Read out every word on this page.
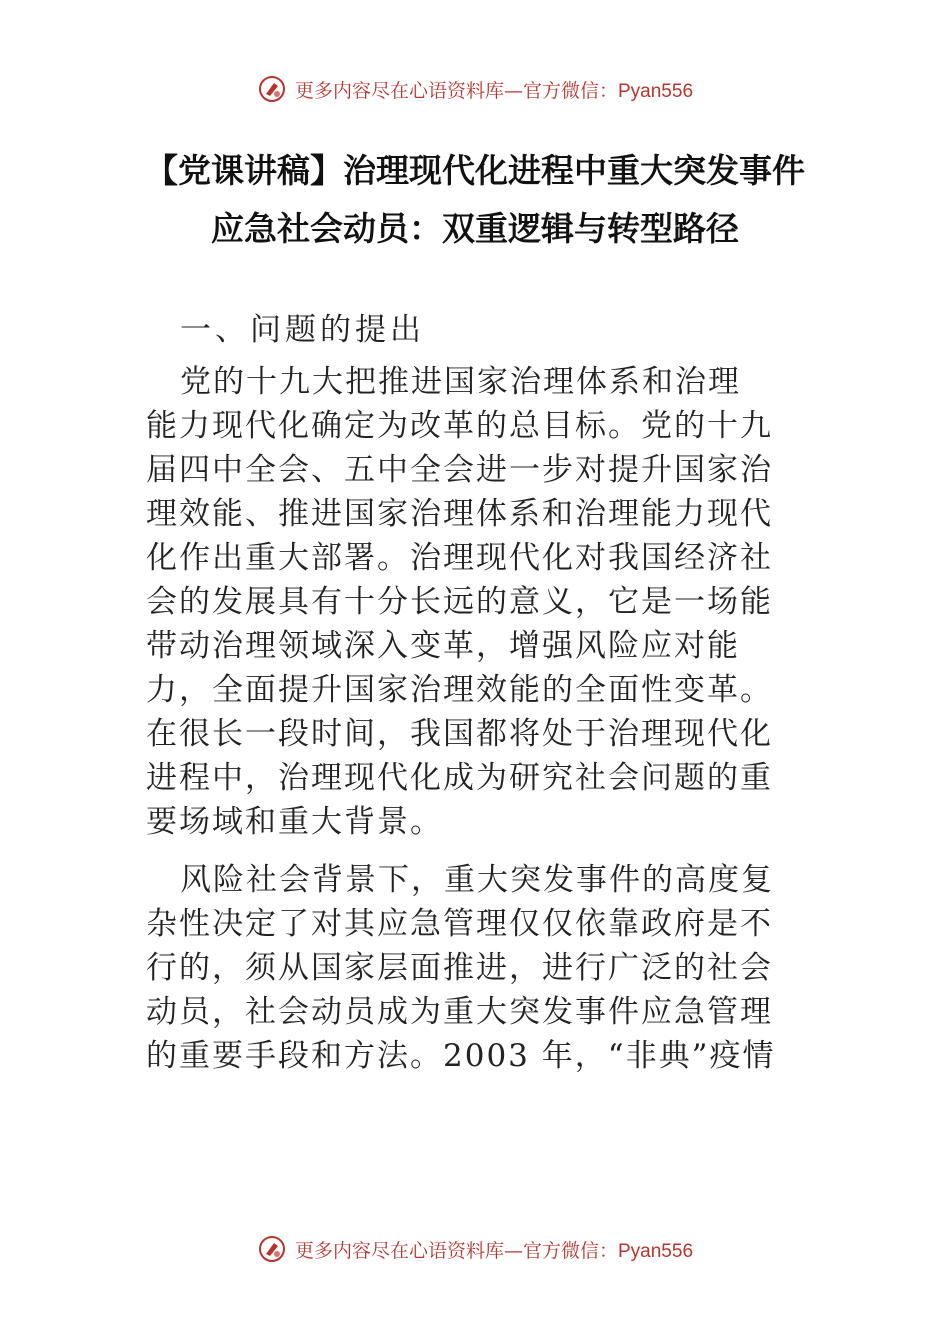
更多内容尽在心语资料库—官方微信：Pyan556
【党课讲稿】治理现代化进程中重大突发事件
应急社会动员：双重逻辑与转型路径
一、问题的提出
党的十九大把推进国家治理体系和治理
能力现代化确定为改革的总目标。党的十九
届四中全会、五中全会进一步对提升国家治
理效能、推进国家治理体系和治理能力现代
化作出重大部署。治理现代化对我国经济社
会的发展具有十分长远的意义，它是一场能
带动治理领域深入变革，增强风险应对能
力，全面提升国家治理效能的全面性变革。
在很长一段时间，我国都将处于治理现代化
进程中，治理现代化成为研究社会问题的重
要场域和重大背景。
风险社会背景下，重大突发事件的高度复
杂性决定了对其应急管理仅仅依靠政府是不
行的，须从国家层面推进，进行广泛的社会
动员，社会动员成为重大突发事件应急管理
的重要手段和方法。2003 年，“非典”疫情
更多内容尽在心语资料库—官方微信：Pyan556
